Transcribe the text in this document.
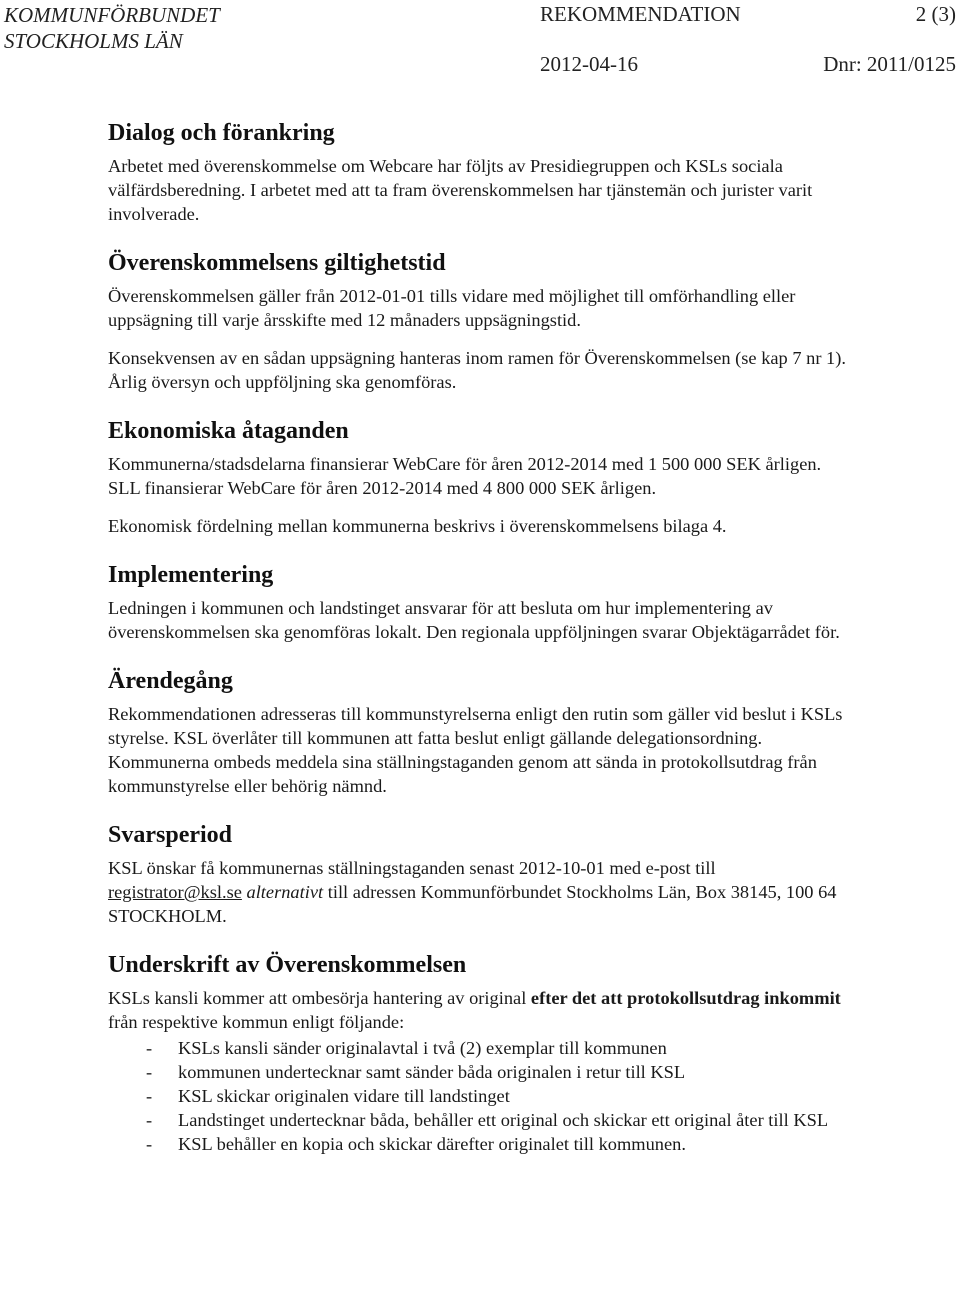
KOMMUNFÖRBUNDET
STOCKHOLMS LÄN
REKOMMENDATION	2 (3)
2012-04-16	Dnr: 2011/0125
Dialog och förankring

Arbetet med överenskommelse om Webcare har följts av Presidiegruppen och KSLs sociala välfärdsberedning. I arbetet med att ta fram överenskommelsen har tjänstemän och jurister varit involverade.

Överenskommelsens giltighetstid

Överenskommelsen gäller från 2012-01-01 tills vidare med möjlighet till omförhandling eller uppsägning till varje årsskifte med 12 månaders uppsägningstid.

Konsekvensen av en sådan uppsägning hanteras inom ramen för Överenskommelsen (se kap 7 nr 1). Årlig översyn och uppföljning ska genomföras.

Ekonomiska åtaganden

Kommunerna/stadsdelarna finansierar WebCare för åren 2012-2014 med 1 500 000 SEK årligen. SLL finansierar WebCare för åren 2012-2014 med 4 800 000 SEK årligen.

Ekonomisk fördelning mellan kommunerna beskrivs i överenskommelsens bilaga 4.

Implementering

Ledningen i kommunen och landstinget ansvarar för att besluta om hur implementering av överenskommelsen ska genomföras lokalt. Den regionala uppföljningen svarar Objektägarrådet för.

Ärendegång

Rekommendationen adresseras till kommunstyrelserna enligt den rutin som gäller vid beslut i KSLs styrelse. KSL överlåter till kommunen att fatta beslut enligt gällande delegationsordning. Kommunerna ombeds meddela sina ställningstaganden genom att sända in protokollsutdrag från kommunstyrelse eller behörig nämnd.

Svarsperiod

KSL önskar få kommunernas ställningstaganden senast 2012-10-01 med e-post till registrator@ksl.se alternativt till adressen Kommunförbundet Stockholms Län, Box 38145, 100 64 STOCKHOLM.

Underskrift av Överenskommelsen

KSLs kansli kommer att ombesörja hantering av original efter det att protokollsutdrag inkommit från respektive kommun enligt följande:

- KSLs kansli sänder originalavtal i två (2) exemplar till kommunen
- kommunen undertecknar samt sänder båda originalen i retur till KSL
- KSL skickar originalen vidare till landstinget
- Landstinget undertecknar båda, behåller ett original och skickar ett original åter till KSL
- KSL behåller en kopia och skickar därefter originalet till kommunen.
